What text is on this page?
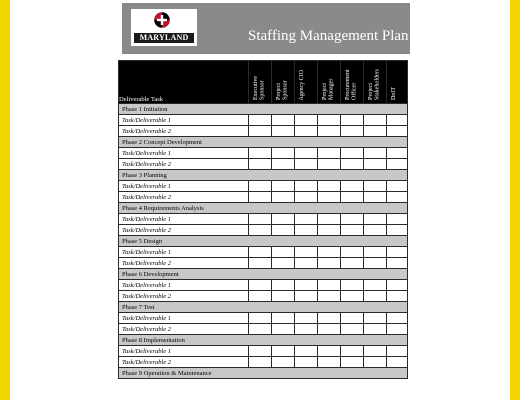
MARYLAND	Staffing Management Plan
Deliverable Task	Executive Sponsor	Project Sponsor	Agency CIO	Project Manager	Procurement Officer	Project Stakeholders	DoIT

Phase 1 Initiation							
Task/Deliverable 1							
Task/Deliverable 2							
Phase 2 Concept Development							
Task/Deliverable 1							
Task/Deliverable 2							
Phase 3 Planning							
Task/Deliverable 1							
Task/Deliverable 2							
Phase 4 Requirements Analysis							
Task/Deliverable 1							
Task/Deliverable 2							
Phase 5 Design							
Task/Deliverable 1							
Task/Deliverable 2							
Phase 6 Development							
Task/Deliverable 1							
Task/Deliverable 2							
Phase 7 Test							
Task/Deliverable 1							
Task/Deliverable 2							
Phase 8 Implementation							
Task/Deliverable 1							
Task/Deliverable 2							
Phase 9 Operation & Maintenance							
